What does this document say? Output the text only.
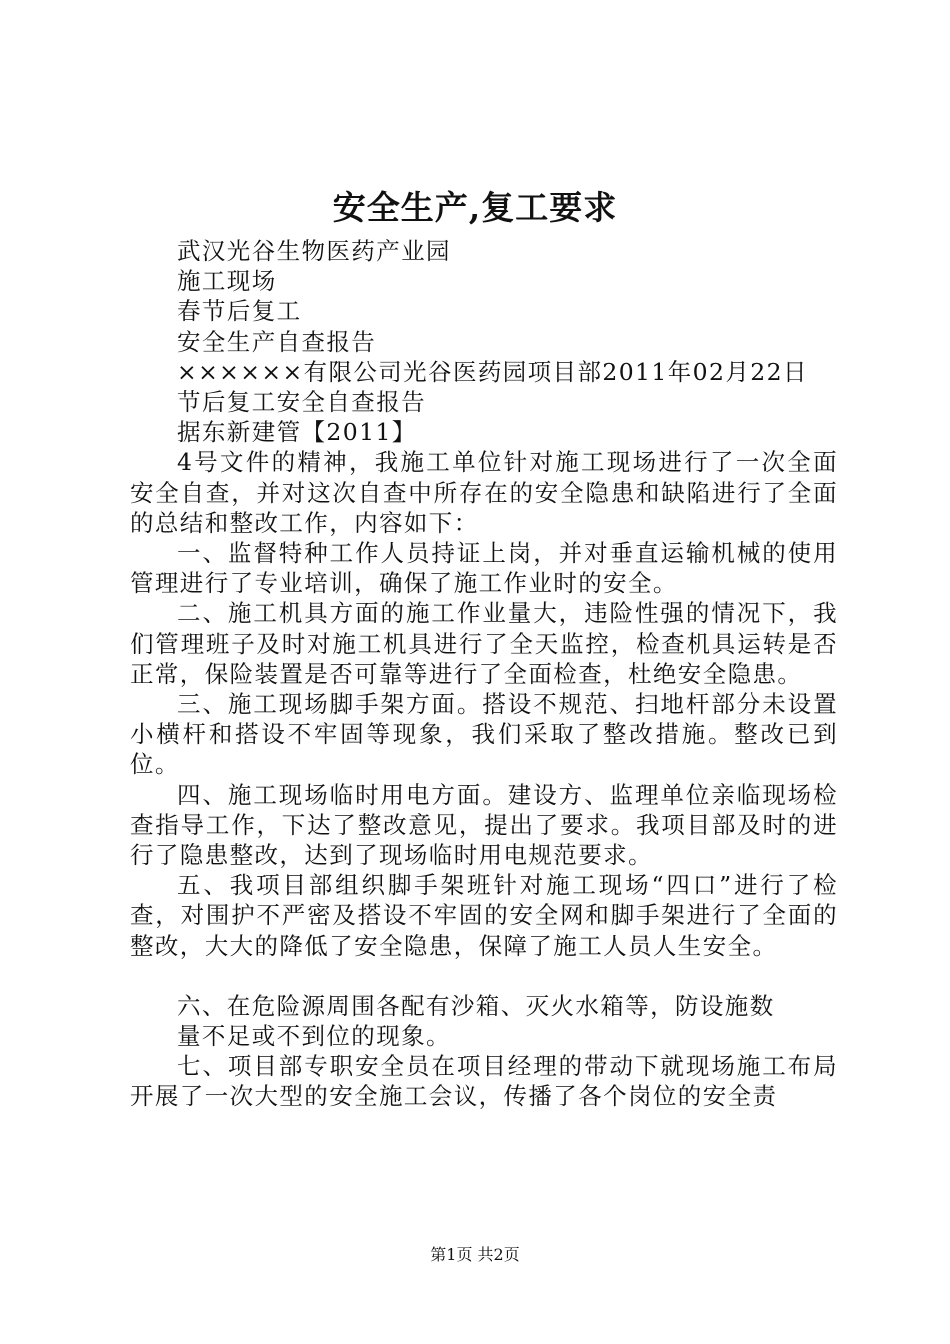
安全生产,复工要求

武汉光谷生物医药产业园

施工现场

春节后复工

安全生产自查报告

××××××有限公司光谷医药园项目部2011年02月22日

节后复工安全自查报告

据东新建管【2011】

4号文件的精神，我施工单位针对施工现场进行了一次全面安全自查，并对这次自查中所存在的安全隐患和缺陷进行了全面的总结和整改工作，内容如下：

一、监督特种工作人员持证上岗，并对垂直运输机械的使用管理进行了专业培训，确保了施工作业时的安全。

二、施工机具方面的施工作业量大，违险性强的情况下，我们管理班子及时对施工机具进行了全天监控，检查机具运转是否正常，保险装置是否可靠等进行了全面检查，杜绝安全隐患。

三、施工现场脚手架方面。搭设不规范、扫地杆部分未设置小横杆和搭设不牢固等现象，我们采取了整改措施。整改已到位。

四、施工现场临时用电方面。建设方、监理单位亲临现场检查指导工作，下达了整改意见，提出了要求。我项目部及时的进行了隐患整改，达到了现场临时用电规范要求。

五、我项目部组织脚手架班针对施工现场“四口”进行了检查，对围护不严密及搭设不牢固的安全网和脚手架进行了全面的整改，大大的降低了安全隐患，保障了施工人员人生安全。

六、在危险源周围各配有沙箱、灭火水箱等，防设施数

量不足或不到位的现象。

七、项目部专职安全员在项目经理的带动下就现场施工布局开展了一次大型的安全施工会议，传播了各个岗位的安全责

第1页 共2页
